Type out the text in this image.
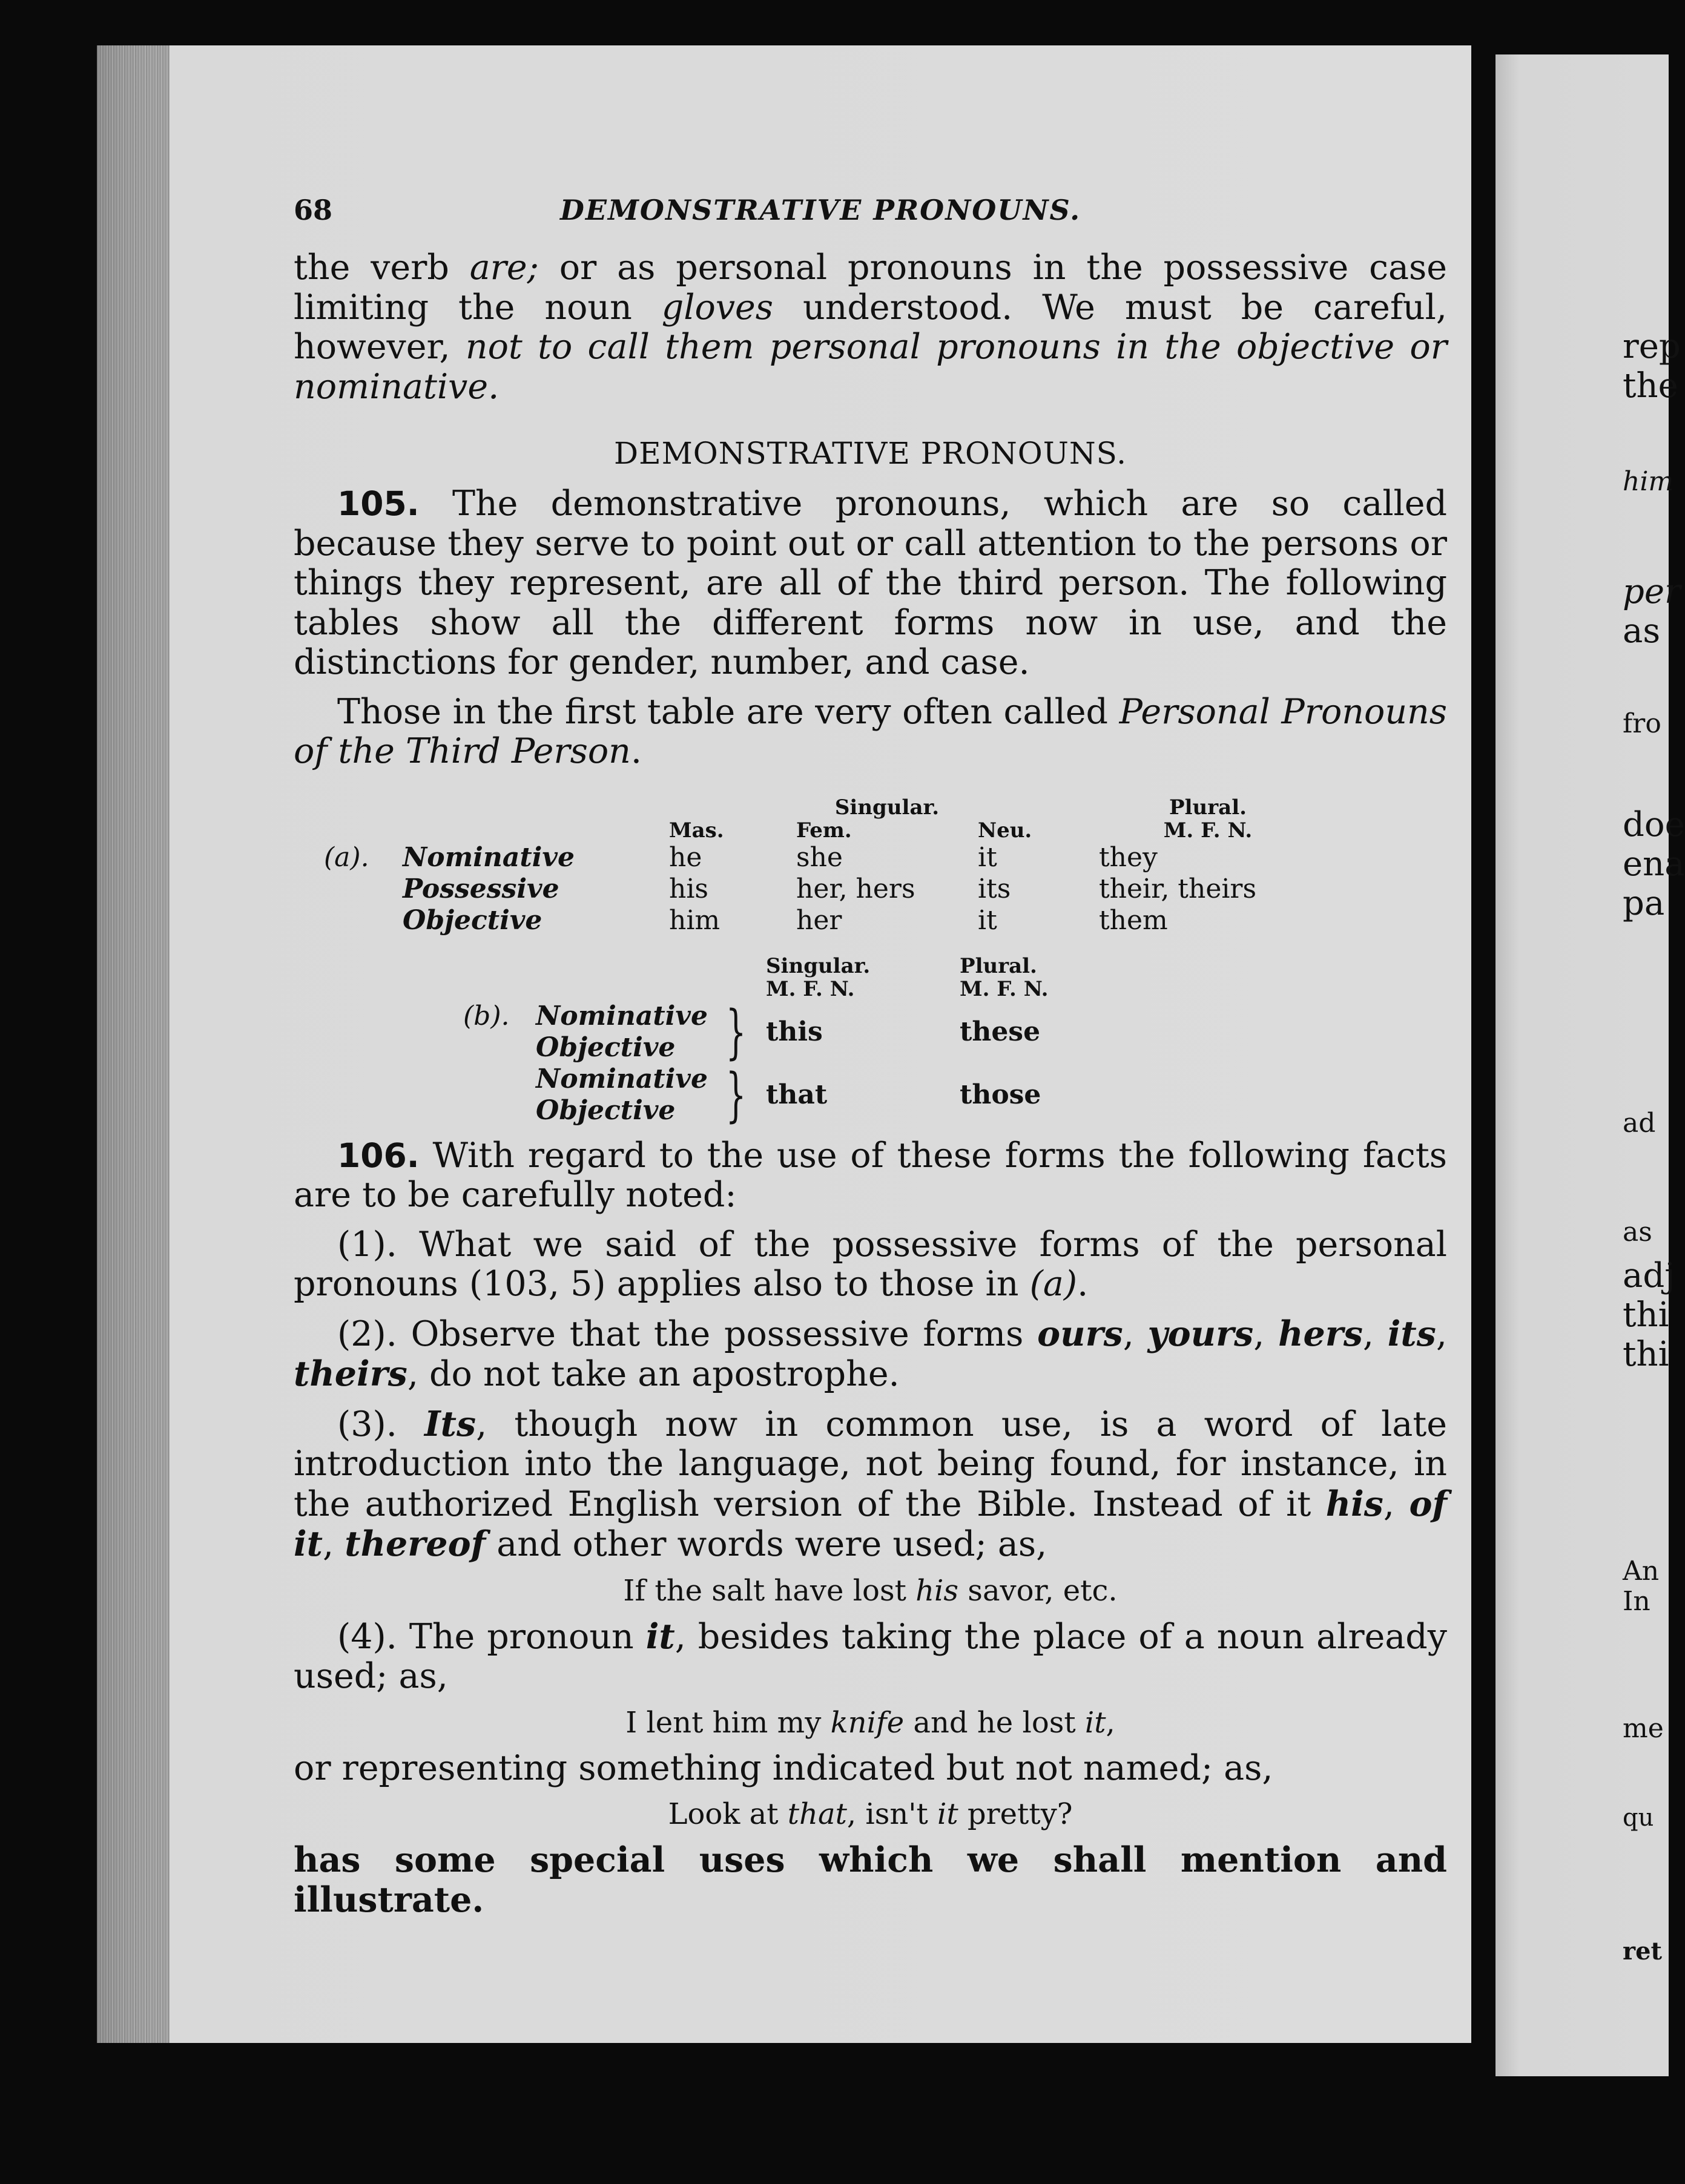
68	DEMONSTRATIVE PRONOUNS.

the verb are; or as personal pronouns in the possessive case limiting the noun gloves understood. We must be careful, however, not to call them personal pronouns in the objective or nominative.

DEMONSTRATIVE PRONOUNS.

105. The demonstrative pronouns, which are so called because they serve to point out or call attention to the persons or things they represent, are all of the third person. The following tables show all the different forms now in use, and the distinctions for gender, number, and case.

Those in the first table are very often called Personal Pronouns of the Third Person.

			Singular.		Plural.
		Mas.	Fem.	Neu.	M. F. N.
(a).	Nominative	he	she	it	they
	Possessive	his	her, hers	its	their, theirs
	Objective	him	her	it	them
			Singular.	Plural.
			M. F. N.	M. F. N.
(b).	Nominative
Objective	}	this	these
	Nominative
Objective	}	that	those

106. With regard to the use of these forms the following facts are to be carefully noted:

(1). What we said of the possessive forms of the personal pronouns (103, 5) applies also to those in (a).

(2). Observe that the possessive forms ours, yours, hers, its, theirs, do not take an apostrophe.

(3). Its, though now in common use, is a word of late introduction into the language, not being found, for instance, in the authorized English version of the Bible. Instead of it his, of it, thereof and other words were used; as,

If the salt have lost his savor, etc.

(4). The pronoun it, besides taking the place of a noun already used; as,

I lent him my knife and he lost it,

or representing something indicated but not named; as,

Look at that, isn't it pretty?

has some special uses which we shall mention and illustrate.

rep
the
him
per
as
fro
doe
ena
pa
ad
as
adj
thi
thi
An
In
me
qu
ret
